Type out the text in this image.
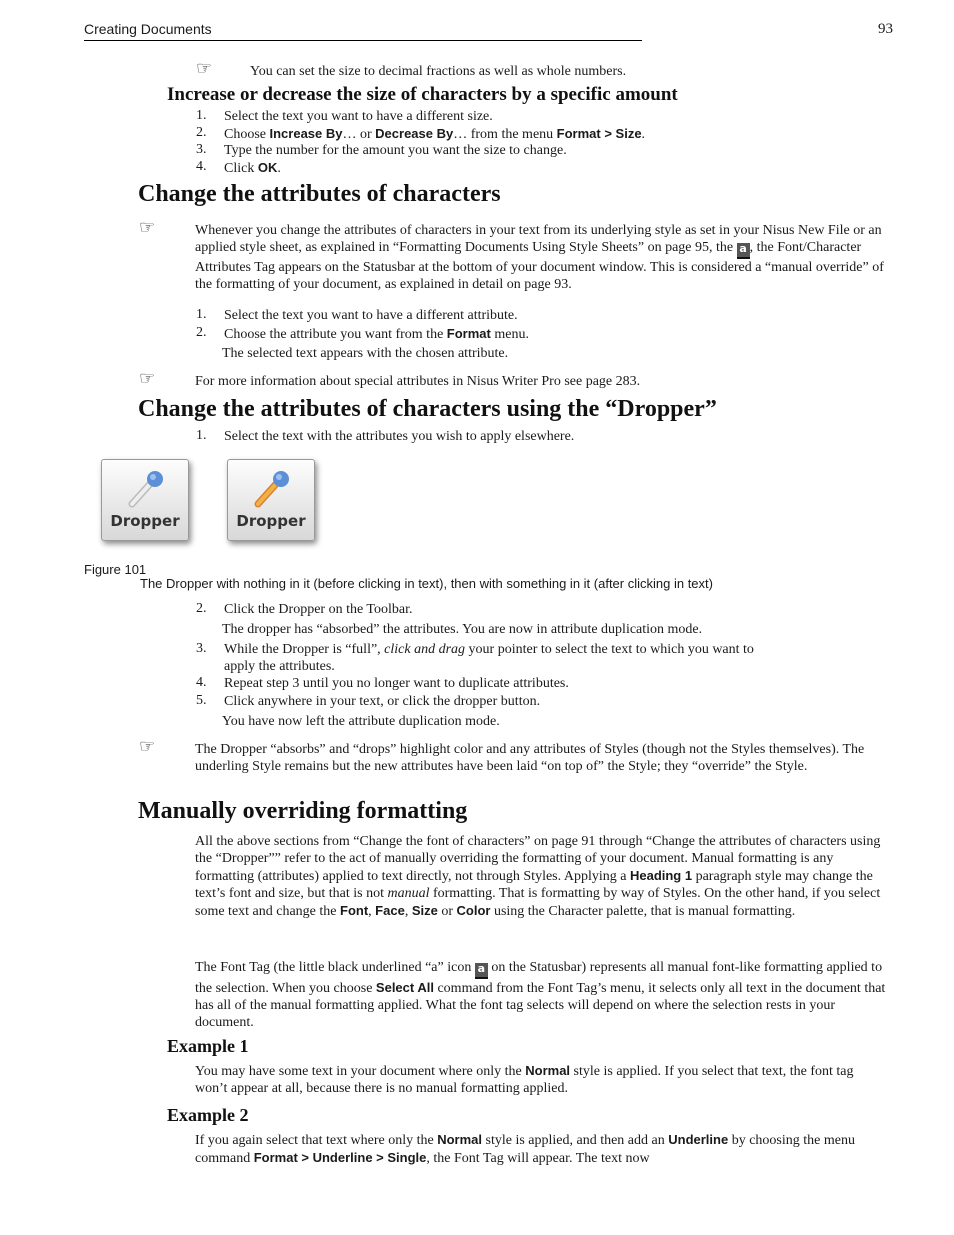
Creating Documents	93
☞	You can set the size to decimal fractions as well as whole numbers.
Increase or decrease the size of characters by a specific amount
1. Select the text you want to have a different size.
2. Choose Increase By… or Decrease By… from the menu Format > Size.
3. Type the number for the amount you want the size to change.
4. Click OK.
Change the attributes of characters
☞	Whenever you change the attributes of characters in your text from its underlying style as set in your Nisus New File or an applied style sheet, as explained in “Formatting Documents Using Style Sheets” on page 95, the a , the Font/Character Attributes Tag appears on the Statusbar at the bottom of your document window. This is considered a “manual override” of the formatting of your document, as explained in detail on page 93.
1. Select the text you want to have a different attribute.
2. Choose the attribute you want from the Format menu.
The selected text appears with the chosen attribute.
☞	For more information about special attributes in Nisus Writer Pro see page 283.
Change the attributes of characters using the “Dropper”
1. Select the text with the attributes you wish to apply elsewhere.
Dropper	Dropper
Figure 101
The Dropper with nothing in it (before clicking in text), then with something in it (after clicking in text)
2. Click the Dropper on the Toolbar.
The dropper has “absorbed” the attributes. You are now in attribute duplication mode.
3. While the Dropper is “full”, click and drag your pointer to select the text to which you want to
apply the attributes.
4. Repeat step 3 until you no longer want to duplicate attributes.
5. Click anywhere in your text, or click the dropper button.
You have now left the attribute duplication mode.
☞	The Dropper “absorbs” and “drops” highlight color and any attributes of Styles (though not the Styles themselves). The underling Style remains but the new attributes have been laid “on top of” the Style; they “override” the Style.
Manually overriding formatting
All the above sections from “Change the font of characters” on page 91 through “Change the attributes of characters using the “Dropper”” refer to the act of manually overriding the formatting of your document. Manual formatting is any formatting (attributes) applied to text directly, not through Styles. Applying a Heading 1 paragraph style may change the text’s font and size, but that is not manual formatting. That is formatting by way of Styles. On the other hand, if you select some text and change the Font, Face, Size or Color using the Character palette, that is manual formatting.
The Font Tag (the little black underlined “a” icon a on the Statusbar) represents all manual font-like formatting applied to the selection. When you choose Select All command from the Font Tag’s menu, it selects only all text in the document that has all of the manual formatting applied. What the font tag selects will depend on where the selection rests in your document.
Example 1
You may have some text in your document where only the Normal style is applied. If you select that text, the font tag won’t appear at all, because there is no manual formatting applied.
Example 2
If you again select that text where only the Normal style is applied, and then add an Underline by choosing the menu command Format > Underline > Single, the Font Tag will appear. The text now
